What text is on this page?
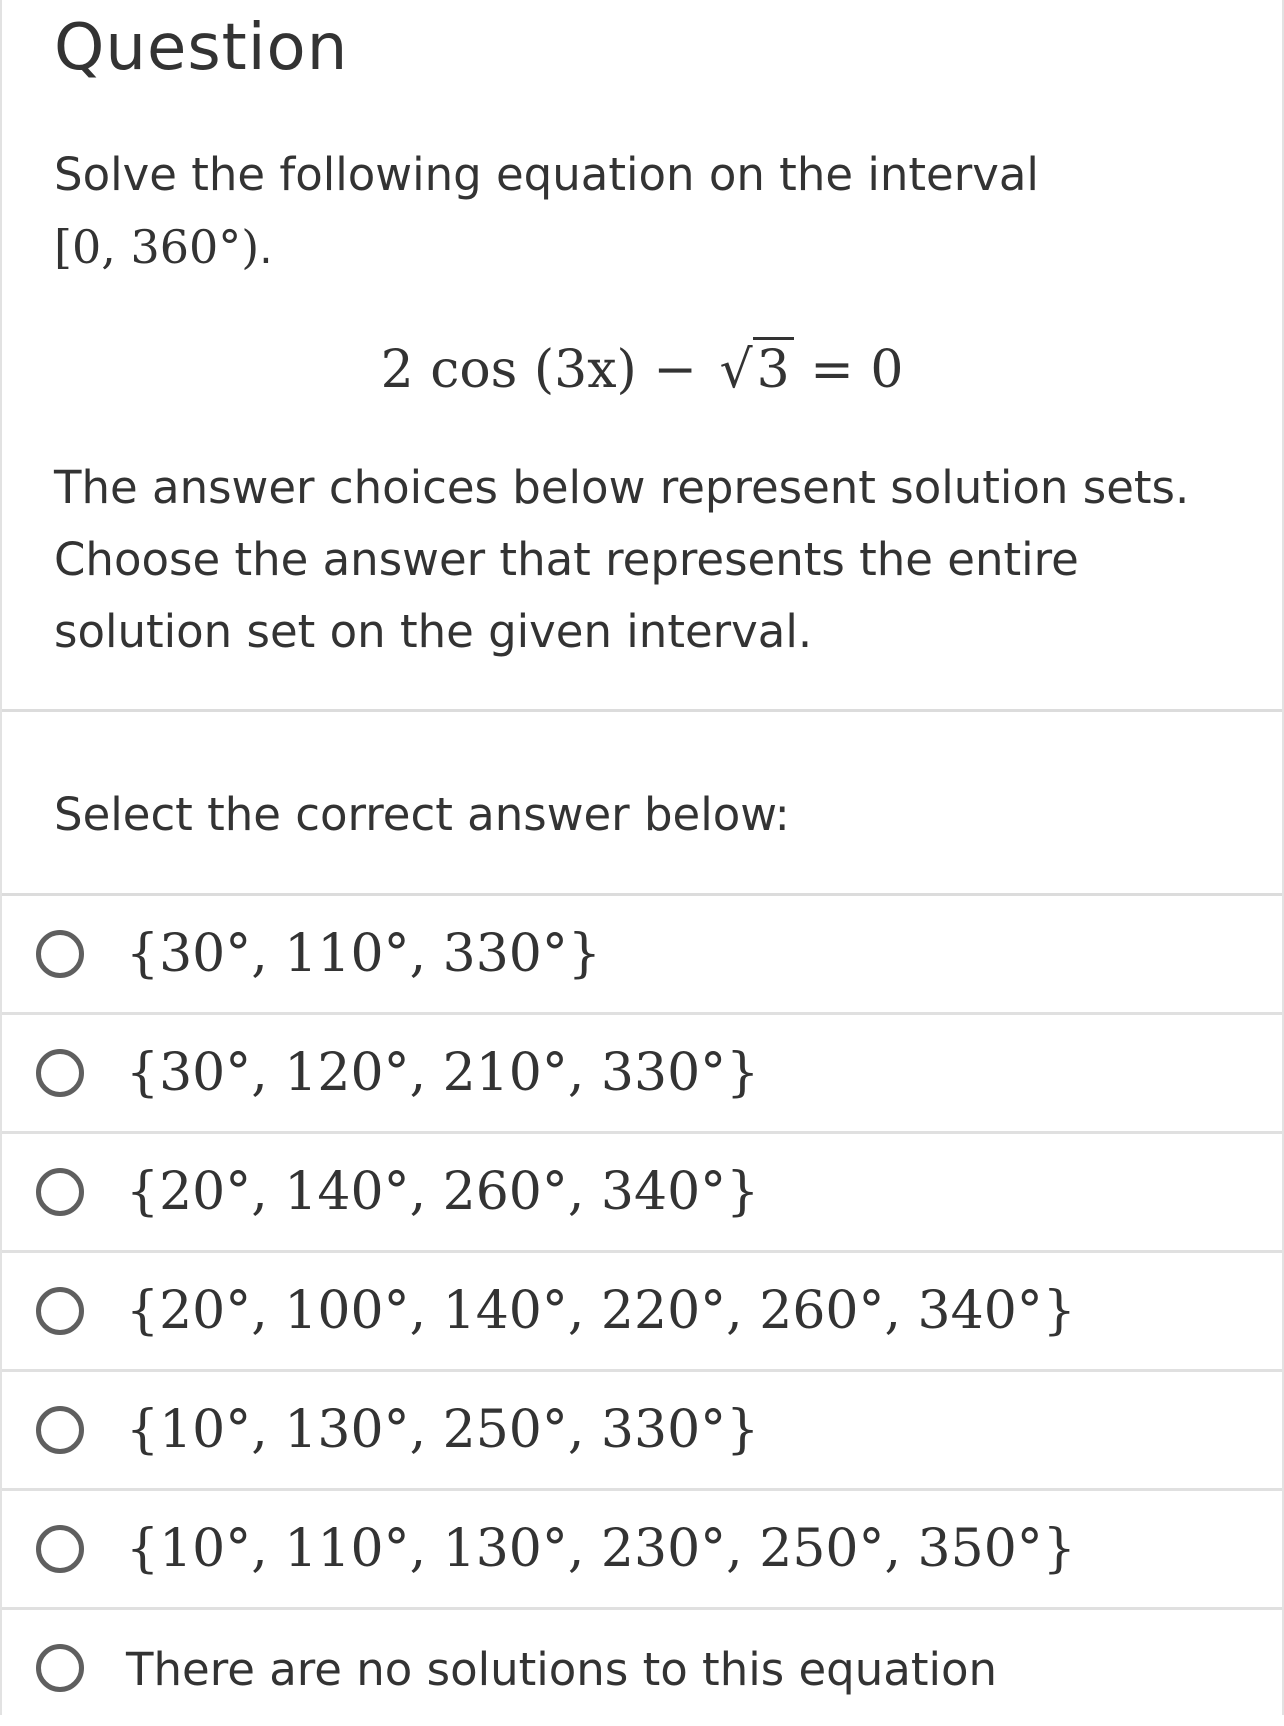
Question
Solve the following equation on the interval
[0, 360°).
2 cos (3x) − √3 = 0
The answer choices below represent solution sets.
Choose the answer that represents the entire
solution set on the given interval.
Select the correct answer below:
{30°, 110°, 330°}
{30°, 120°, 210°, 330°}
{20°, 140°, 260°, 340°}
{20°, 100°, 140°, 220°, 260°, 340°}
{10°, 130°, 250°, 330°}
{10°, 110°, 130°, 230°, 250°, 350°}
There are no solutions to this equation
